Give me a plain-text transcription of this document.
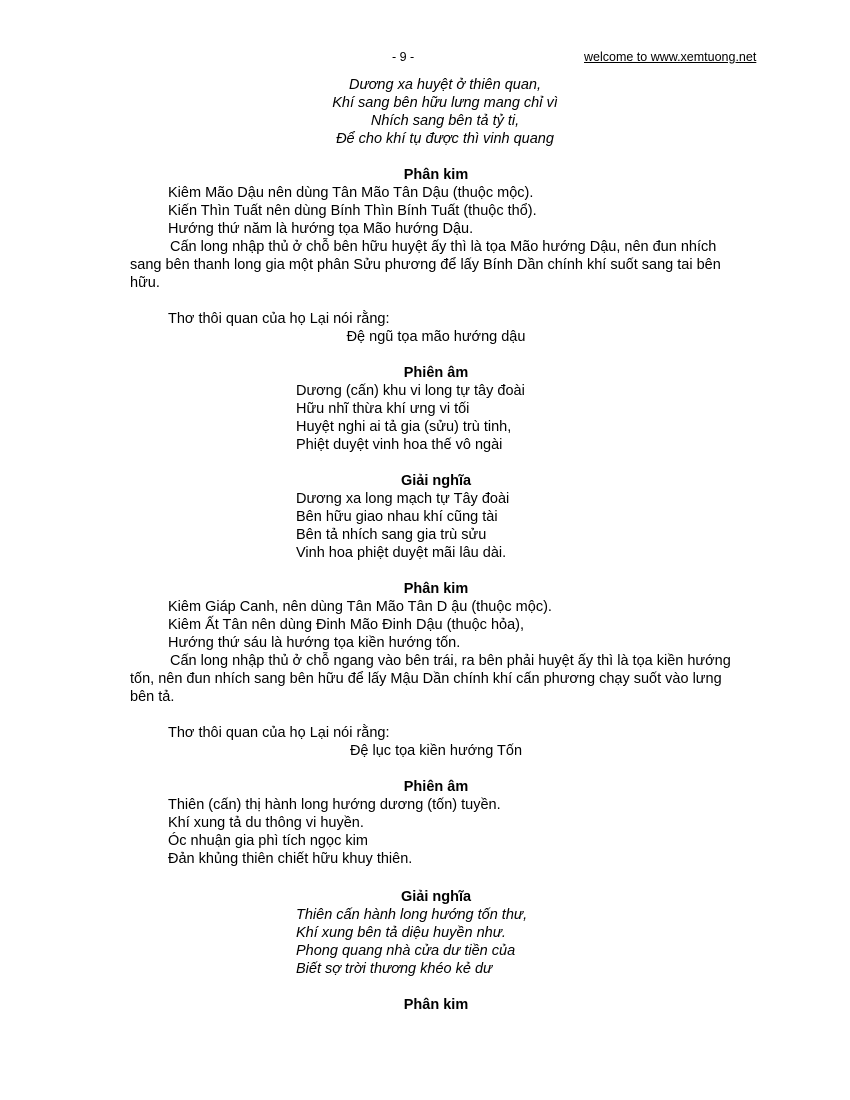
- 9 -	welcome to www.xemtuong.net
Dương xa huyệt ở thiên quan,
Khí sang bên hữu lưng mang chỉ vì
Nhích sang bên tả tỷ ti,
Để cho khí tụ được thì vinh quang
Phân kim
Kiêm Mão Dậu nên dùng Tân Mão Tân Dậu (thuộc mộc).
Kiến Thìn Tuất nên dùng Bính Thìn Bính Tuất (thuộc thổ).
Hướng thứ năm là hướng tọa Mão hướng Dậu.
Cấn long nhập thủ ở chỗ bên hữu huyệt ấy thì là tọa Mão hướng Dậu, nên đun nhích sang bên thanh long gia một phân Sửu phương để lấy Bính Dần chính khí suốt sang tai bên hữu.
Thơ thôi quan của họ Lại nói rằng:
Đệ ngũ tọa mão hướng dậu
Phiên âm
Dương (cấn) khu vi long tự tây đoài
Hữu nhĩ thừa khí ưng vi tối
Huyệt nghi ai tả gia (sửu) trù tinh,
Phiệt duyệt vinh hoa thế vô ngài
Giải nghĩa
Dương xa long mạch tự Tây đoài
Bên hữu giao nhau khí cũng tài
Bên tả nhích sang gia trù sửu
Vinh hoa phiệt duyệt mãi lâu dài.
Phân kim
Kiêm Giáp Canh, nên dùng Tân Mão Tân D ậu (thuộc mộc).
Kiêm Ất Tân nên dùng Đinh Mão Đinh Dậu (thuộc hỏa),
Hướng thứ sáu là hướng tọa kiền hướng tốn.
Cấn long nhập thủ ở chỗ ngang vào bên trái, ra bên phải huyệt ấy thì là tọa kiền hướng tốn, nên đun nhích sang bên hữu để lấy Mậu Dần chính khí cấn phương chạy suốt vào lưng bên tả.
Thơ thôi quan của họ Lại nói rằng:
Đệ lục tọa kiền hướng Tốn
Phiên âm
Thiên (cấn) thị hành long hướng dương (tốn) tuyền.
Khí xung tả du thông vi huyền.
Óc nhuận gia phì tích ngọc kim
Đản khủng thiên chiết hữu khuy thiên.
Giải nghĩa
Thiên cấn hành long hướng tốn thư,
Khí xung bên tả diệu huyền như.
Phong quang nhà cửa dư tiền của
Biết sợ trời thương khéo kẻ dư
Phân kim
